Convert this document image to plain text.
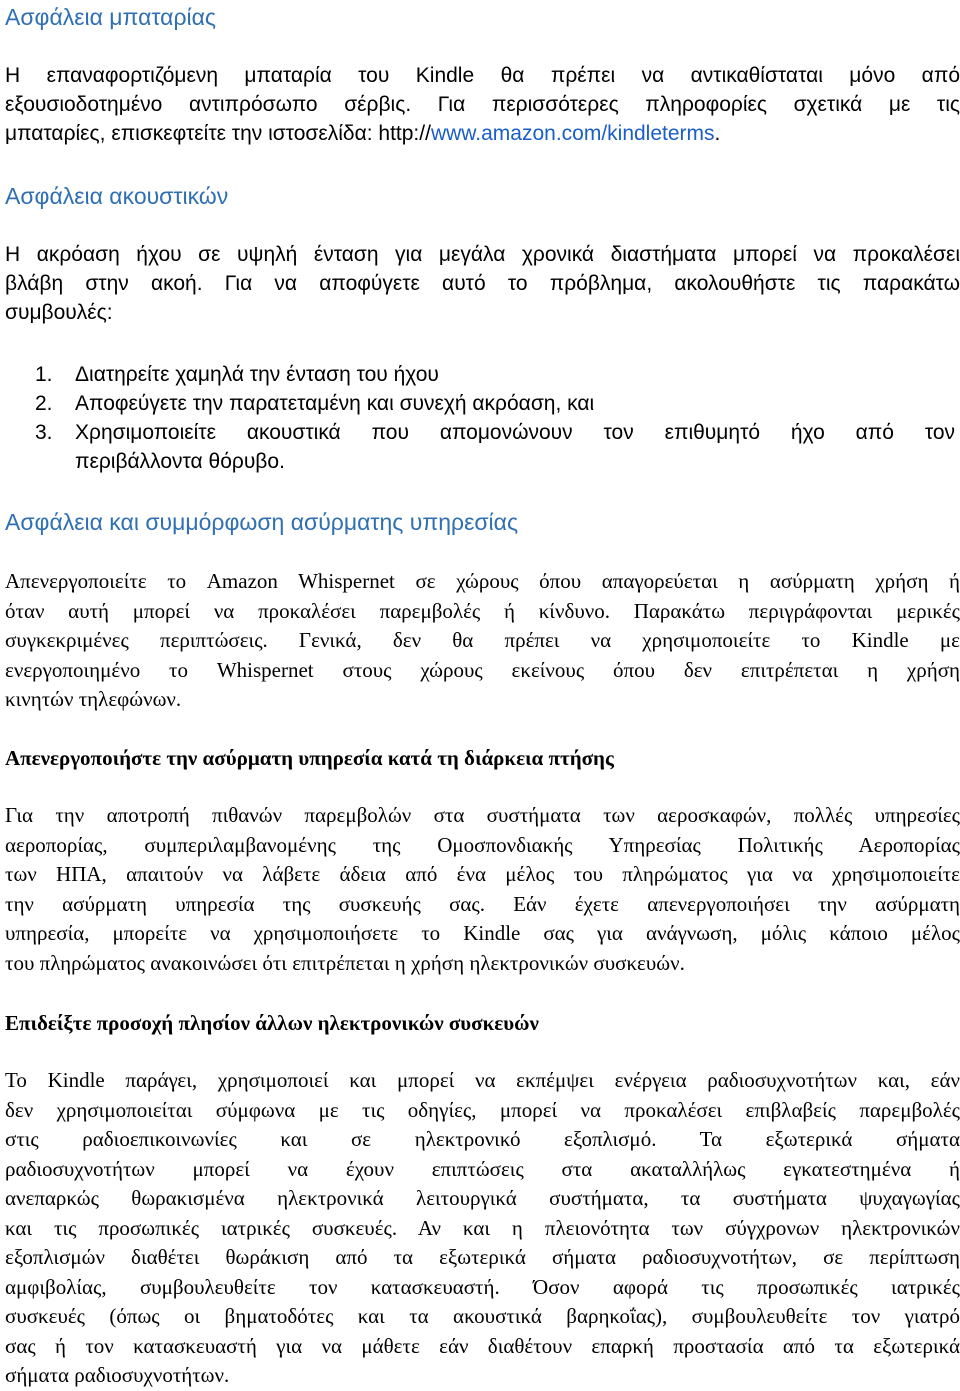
Ασφάλεια μπαταρίας

Η επαναφορτιζόμενη μπαταρία του Kindle θα πρέπει να αντικαθίσταται μόνο από

εξουσιοδοτημένο αντιπρόσωπο σέρβις. Για περισσότερες πληροφορίες σχετικά με τις

μπαταρίες, επισκεφτείτε την ιστοσελίδα: http://www.amazon.com/kindleterms.

Ασφάλεια ακουστικών

Η ακρόαση ήχου σε υψηλή ένταση για μεγάλα χρονικά διαστήματα μπορεί να προκαλέσει

βλάβη στην ακοή. Για να αποφύγετε αυτό το πρόβλημα, ακολουθήστε τις παρακάτω

συμβουλές:

1.	Διατηρείτε χαμηλά την ένταση του ήχου
2.	Αποφεύγετε την παρατεταμένη και συνεχή ακρόαση, και
3.	Χρησιμοποιείτε ακουστικά που απομονώνουν τον επιθυμητό ήχο από τον

περιβάλλοντα θόρυβο.

Ασφάλεια και συμμόρφωση ασύρματης υπηρεσίας

Απενεργοποιείτε το Amazon Whispernet σε χώρους όπου απαγορεύεται η ασύρματη χρήση ή

όταν αυτή μπορεί να προκαλέσει παρεμβολές ή κίνδυνο. Παρακάτω περιγράφονται μερικές

συγκεκριμένες περιπτώσεις. Γενικά, δεν θα πρέπει να χρησιμοποιείτε το Kindle με

ενεργοποιημένο το Whispernet στους χώρους εκείνους όπου δεν επιτρέπεται η χρήση

κινητών τηλεφώνων.

Απενεργοποιήστε την ασύρματη υπηρεσία κατά τη διάρκεια πτήσης

Για την αποτροπή πιθανών παρεμβολών στα συστήματα των αεροσκαφών, πολλές υπηρεσίες

αεροπορίας, συμπεριλαμβανομένης της Ομοσπονδιακής Υπηρεσίας Πολιτικής Αεροπορίας

των ΗΠΑ, απαιτούν να λάβετε άδεια από ένα μέλος του πληρώματος για να χρησιμοποιείτε

την ασύρματη υπηρεσία της συσκευής σας. Εάν έχετε απενεργοποιήσει την ασύρματη

υπηρεσία, μπορείτε να χρησιμοποιήσετε το Kindle σας για ανάγνωση, μόλις κάποιο μέλος

του πληρώματος ανακοινώσει ότι επιτρέπεται η χρήση ηλεκτρονικών συσκευών.

Επιδείξτε προσοχή πλησίον άλλων ηλεκτρονικών συσκευών

Το Kindle παράγει, χρησιμοποιεί και μπορεί να εκπέμψει ενέργεια ραδιοσυχνοτήτων και, εάν

δεν χρησιμοποιείται σύμφωνα με τις οδηγίες, μπορεί να προκαλέσει επιβλαβείς παρεμβολές

στις ραδιοεπικοινωνίες και σε ηλεκτρονικό εξοπλισμό. Τα εξωτερικά σήματα

ραδιοσυχνοτήτων μπορεί να έχουν επιπτώσεις στα ακαταλλήλως εγκατεστημένα ή

ανεπαρκώς θωρακισμένα ηλεκτρονικά λειτουργικά συστήματα, τα συστήματα ψυχαγωγίας

και τις προσωπικές ιατρικές συσκευές. Αν και η πλειονότητα των σύγχρονων ηλεκτρονικών

εξοπλισμών διαθέτει θωράκιση από τα εξωτερικά σήματα ραδιοσυχνοτήτων, σε περίπτωση

αμφιβολίας, συμβουλευθείτε τον κατασκευαστή. Όσον αφορά τις προσωπικές ιατρικές

συσκευές (όπως οι βηματοδότες και τα ακουστικά βαρηκοΐας), συμβουλευθείτε τον γιατρό

σας ή τον κατασκευαστή για να μάθετε εάν διαθέτουν επαρκή προστασία από τα εξωτερικά

σήματα ραδιοσυχνοτήτων.
